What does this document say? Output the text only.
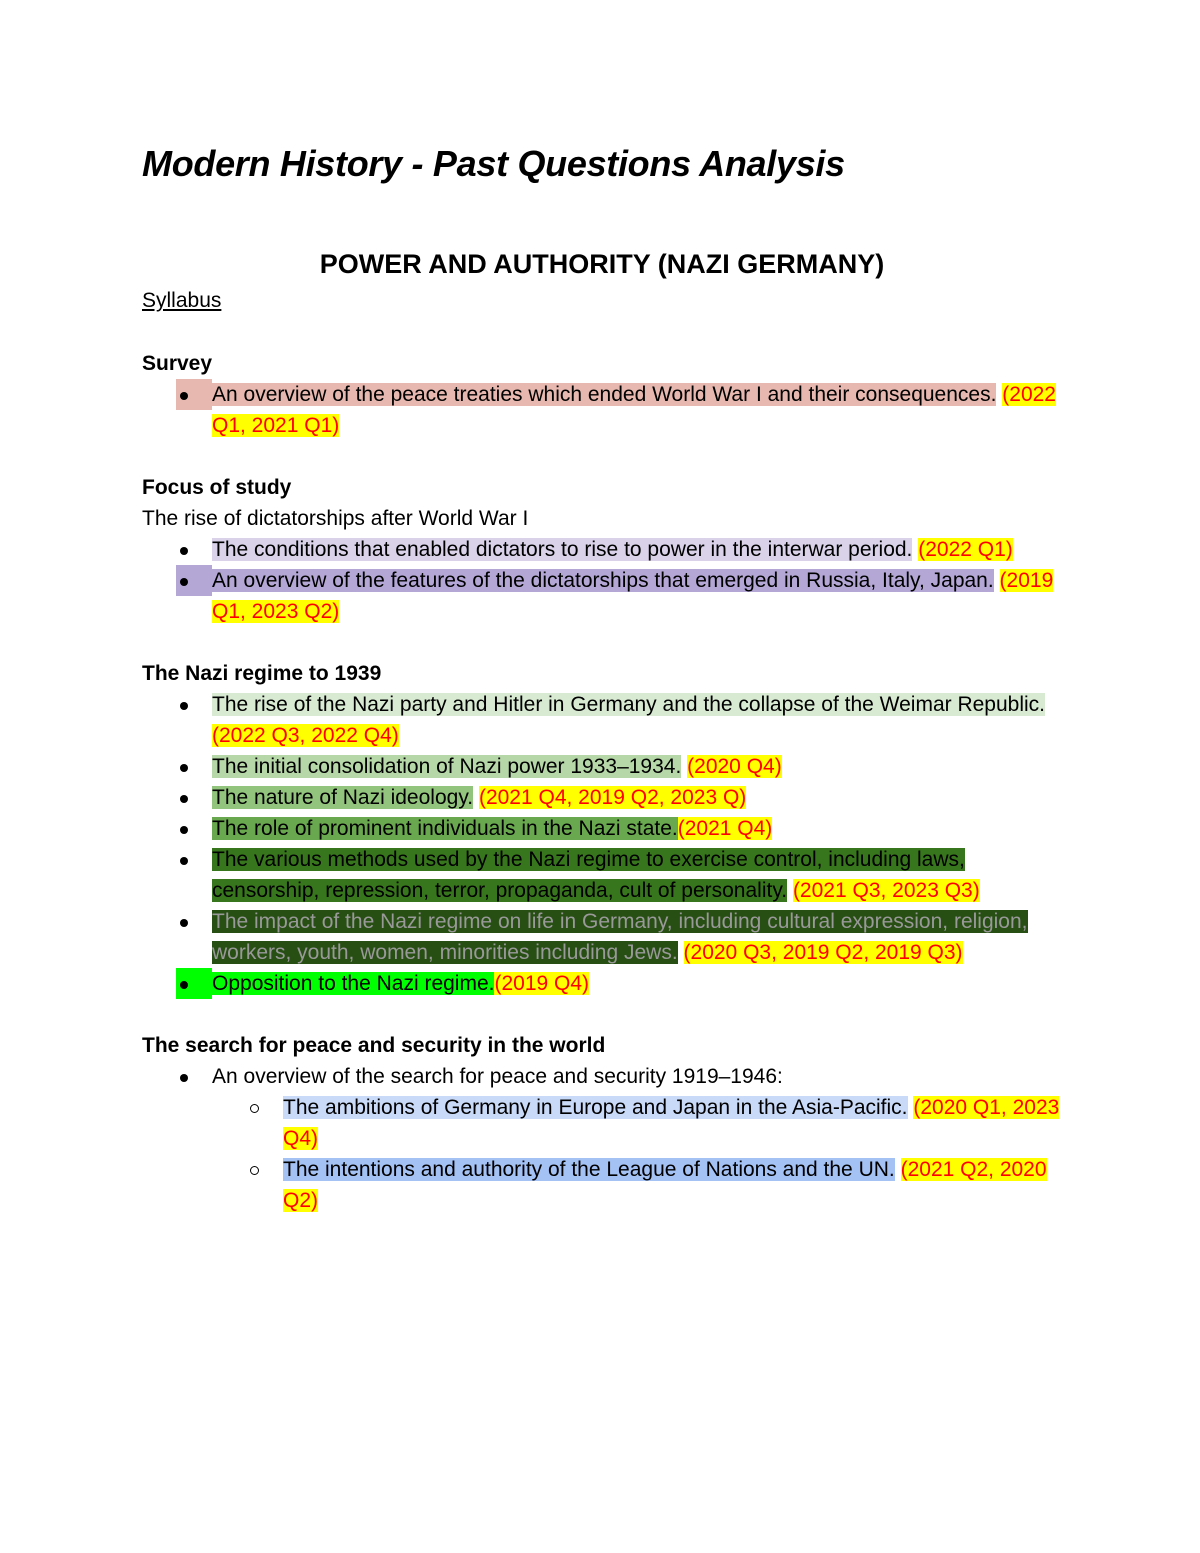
Modern History - Past Questions Analysis
POWER AND AUTHORITY (NAZI GERMANY)
Syllabus

Survey

An overview of the peace treaties which ended World War I and their consequences. (2022 Q1, 2021 Q1)

Focus of study

The rise of dictatorships after World War I

The conditions that enabled dictators to rise to power in the interwar period. (2022 Q1)
An overview of the features of the dictatorships that emerged in Russia, Italy, Japan. (2019 Q1, 2023 Q2)

The Nazi regime to 1939

The rise of the Nazi party and Hitler in Germany and the collapse of the Weimar Republic. (2022 Q3, 2022 Q4)
The initial consolidation of Nazi power 1933–1934. (2020 Q4)
The nature of Nazi ideology. (2021 Q4, 2019 Q2, 2023 Q)
The role of prominent individuals in the Nazi state.(2021 Q4)
The various methods used by the Nazi regime to exercise control, including laws, censorship, repression, terror, propaganda, cult of personality. (2021 Q3, 2023 Q3)
The impact of the Nazi regime on life in Germany, including cultural expression, religion, workers, youth, women, minorities including Jews. (2020 Q3, 2019 Q2, 2019 Q3)
Opposition to the Nazi regime.(2019 Q4)

The search for peace and security in the world

An overview of the search for peace and security 1919–1946:
The ambitions of Germany in Europe and Japan in the Asia-Pacific. (2020 Q1, 2023 Q4)
The intentions and authority of the League of Nations and the UN. (2021 Q2, 2020 Q2)
